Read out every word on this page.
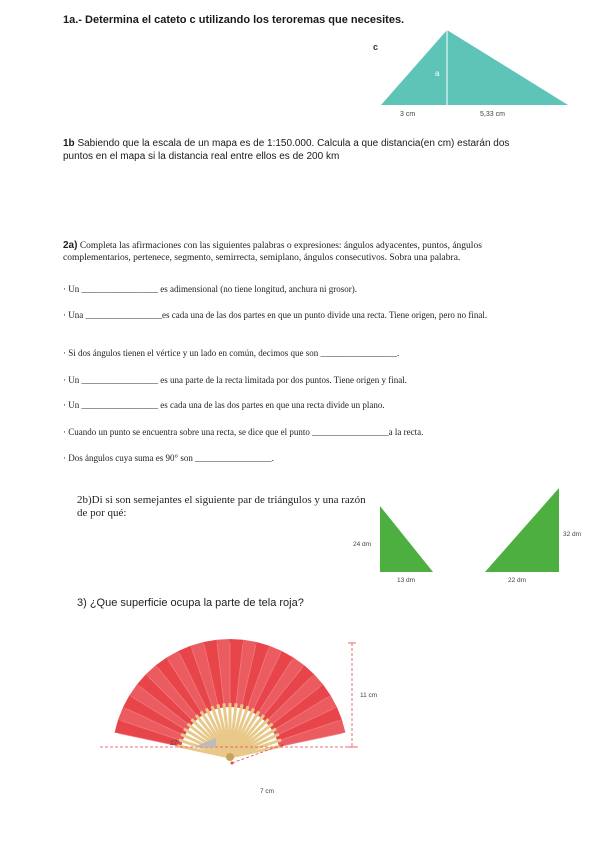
1a.- Determina el cateto c utilizando los teroremas que necesites.
c
a
3 cm	5,33 cm
1b Sabiendo que la escala de un mapa es de 1:150.000. Calcula a que distancia(en cm) estarán dos puntos en el mapa si la distancia real entre ellos es de 200 km
2a) Completa las afirmaciones con las siguientes palabras o expresiones: ángulos adyacentes, puntos, ángulos complementarios, pertenece, segmento, semirrecta, semiplano, ángulos consecutivos. Sobra una palabra.
· Un _________________ es adimensional (no tiene longitud, anchura ni grosor).
· Una _________________es cada una de las dos partes en que un punto divide una recta. Tiene origen, pero no final.
· Si dos ángulos tienen el vértice y un lado en común, decimos que son _________________.
· Un _________________ es una parte de la recta limitada por dos puntos. Tiene origen y final.
· Un _________________ es cada una de las dos partes en que una recta divide un plano.
· Cuando un punto se encuentra sobre una recta, se dice que el punto _________________a la recta.
· Dos ángulos cuya suma es 90° son _________________.
2b)Di si son semejantes el siguiente par de triángulos y una razón de por qué:
24 dm
13 dm
32 dm
22 dm
3) ¿Que superficie ocupa la parte de tela roja?
11 cm
27°
7 cm
